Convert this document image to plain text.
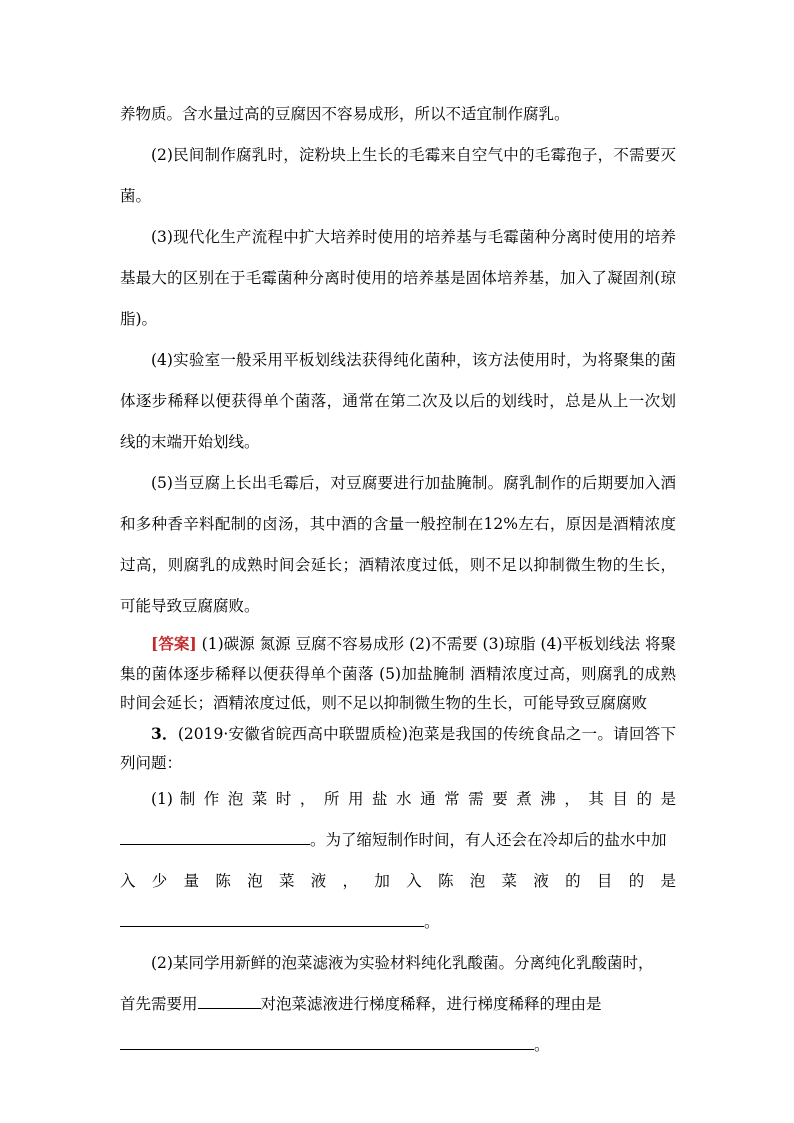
养物质。含水量过高的豆腐因不容易成形，所以不适宜制作腐乳。

(2)民间制作腐乳时，淀粉块上生长的毛霉来自空气中的毛霉孢子，不需要灭菌。

(3)现代化生产流程中扩大培养时使用的培养基与毛霉菌种分离时使用的培养基最大的区别在于毛霉菌种分离时使用的培养基是固体培养基，加入了凝固剂(琼脂)。

(4)实验室一般采用平板划线法获得纯化菌种，该方法使用时，为将聚集的菌体逐步稀释以便获得单个菌落，通常在第二次及以后的划线时，总是从上一次划线的末端开始划线。

(5)当豆腐上长出毛霉后，对豆腐要进行加盐腌制。腐乳制作的后期要加入酒和多种香辛料配制的卤汤，其中酒的含量一般控制在12%左右，原因是酒精浓度过高，则腐乳的成熟时间会延长；酒精浓度过低，则不足以抑制微生物的生长，可能导致豆腐腐败。

[答案] (1)碳源 氮源 豆腐不容易成形 (2)不需要 (3)琼脂 (4)平板划线法 将聚集的菌体逐步稀释以便获得单个菌落 (5)加盐腌制 酒精浓度过高，则腐乳的成熟时间会延长；酒精浓度过低，则不足以抑制微生物的生长，可能导致豆腐腐败

3．(2019·安徽省皖西高中联盟质检)泡菜是我国的传统食品之一。请回答下列问题：

(1) 制 作 泡 菜 时 ， 所 用 盐 水 通 常 需 要 煮 沸 ， 其 目 的 是

。为了缩短制作时间，有人还会在冷却后的盐水中加

入 少 量 陈 泡 菜 液 ， 加 入 陈 泡 菜 液 的 目 的 是

。

(2)某同学用新鲜的泡菜滤液为实验材料纯化乳酸菌。分离纯化乳酸菌时，

首先需要用	对泡菜滤液进行梯度稀释，进行梯度稀释的理由是

。
